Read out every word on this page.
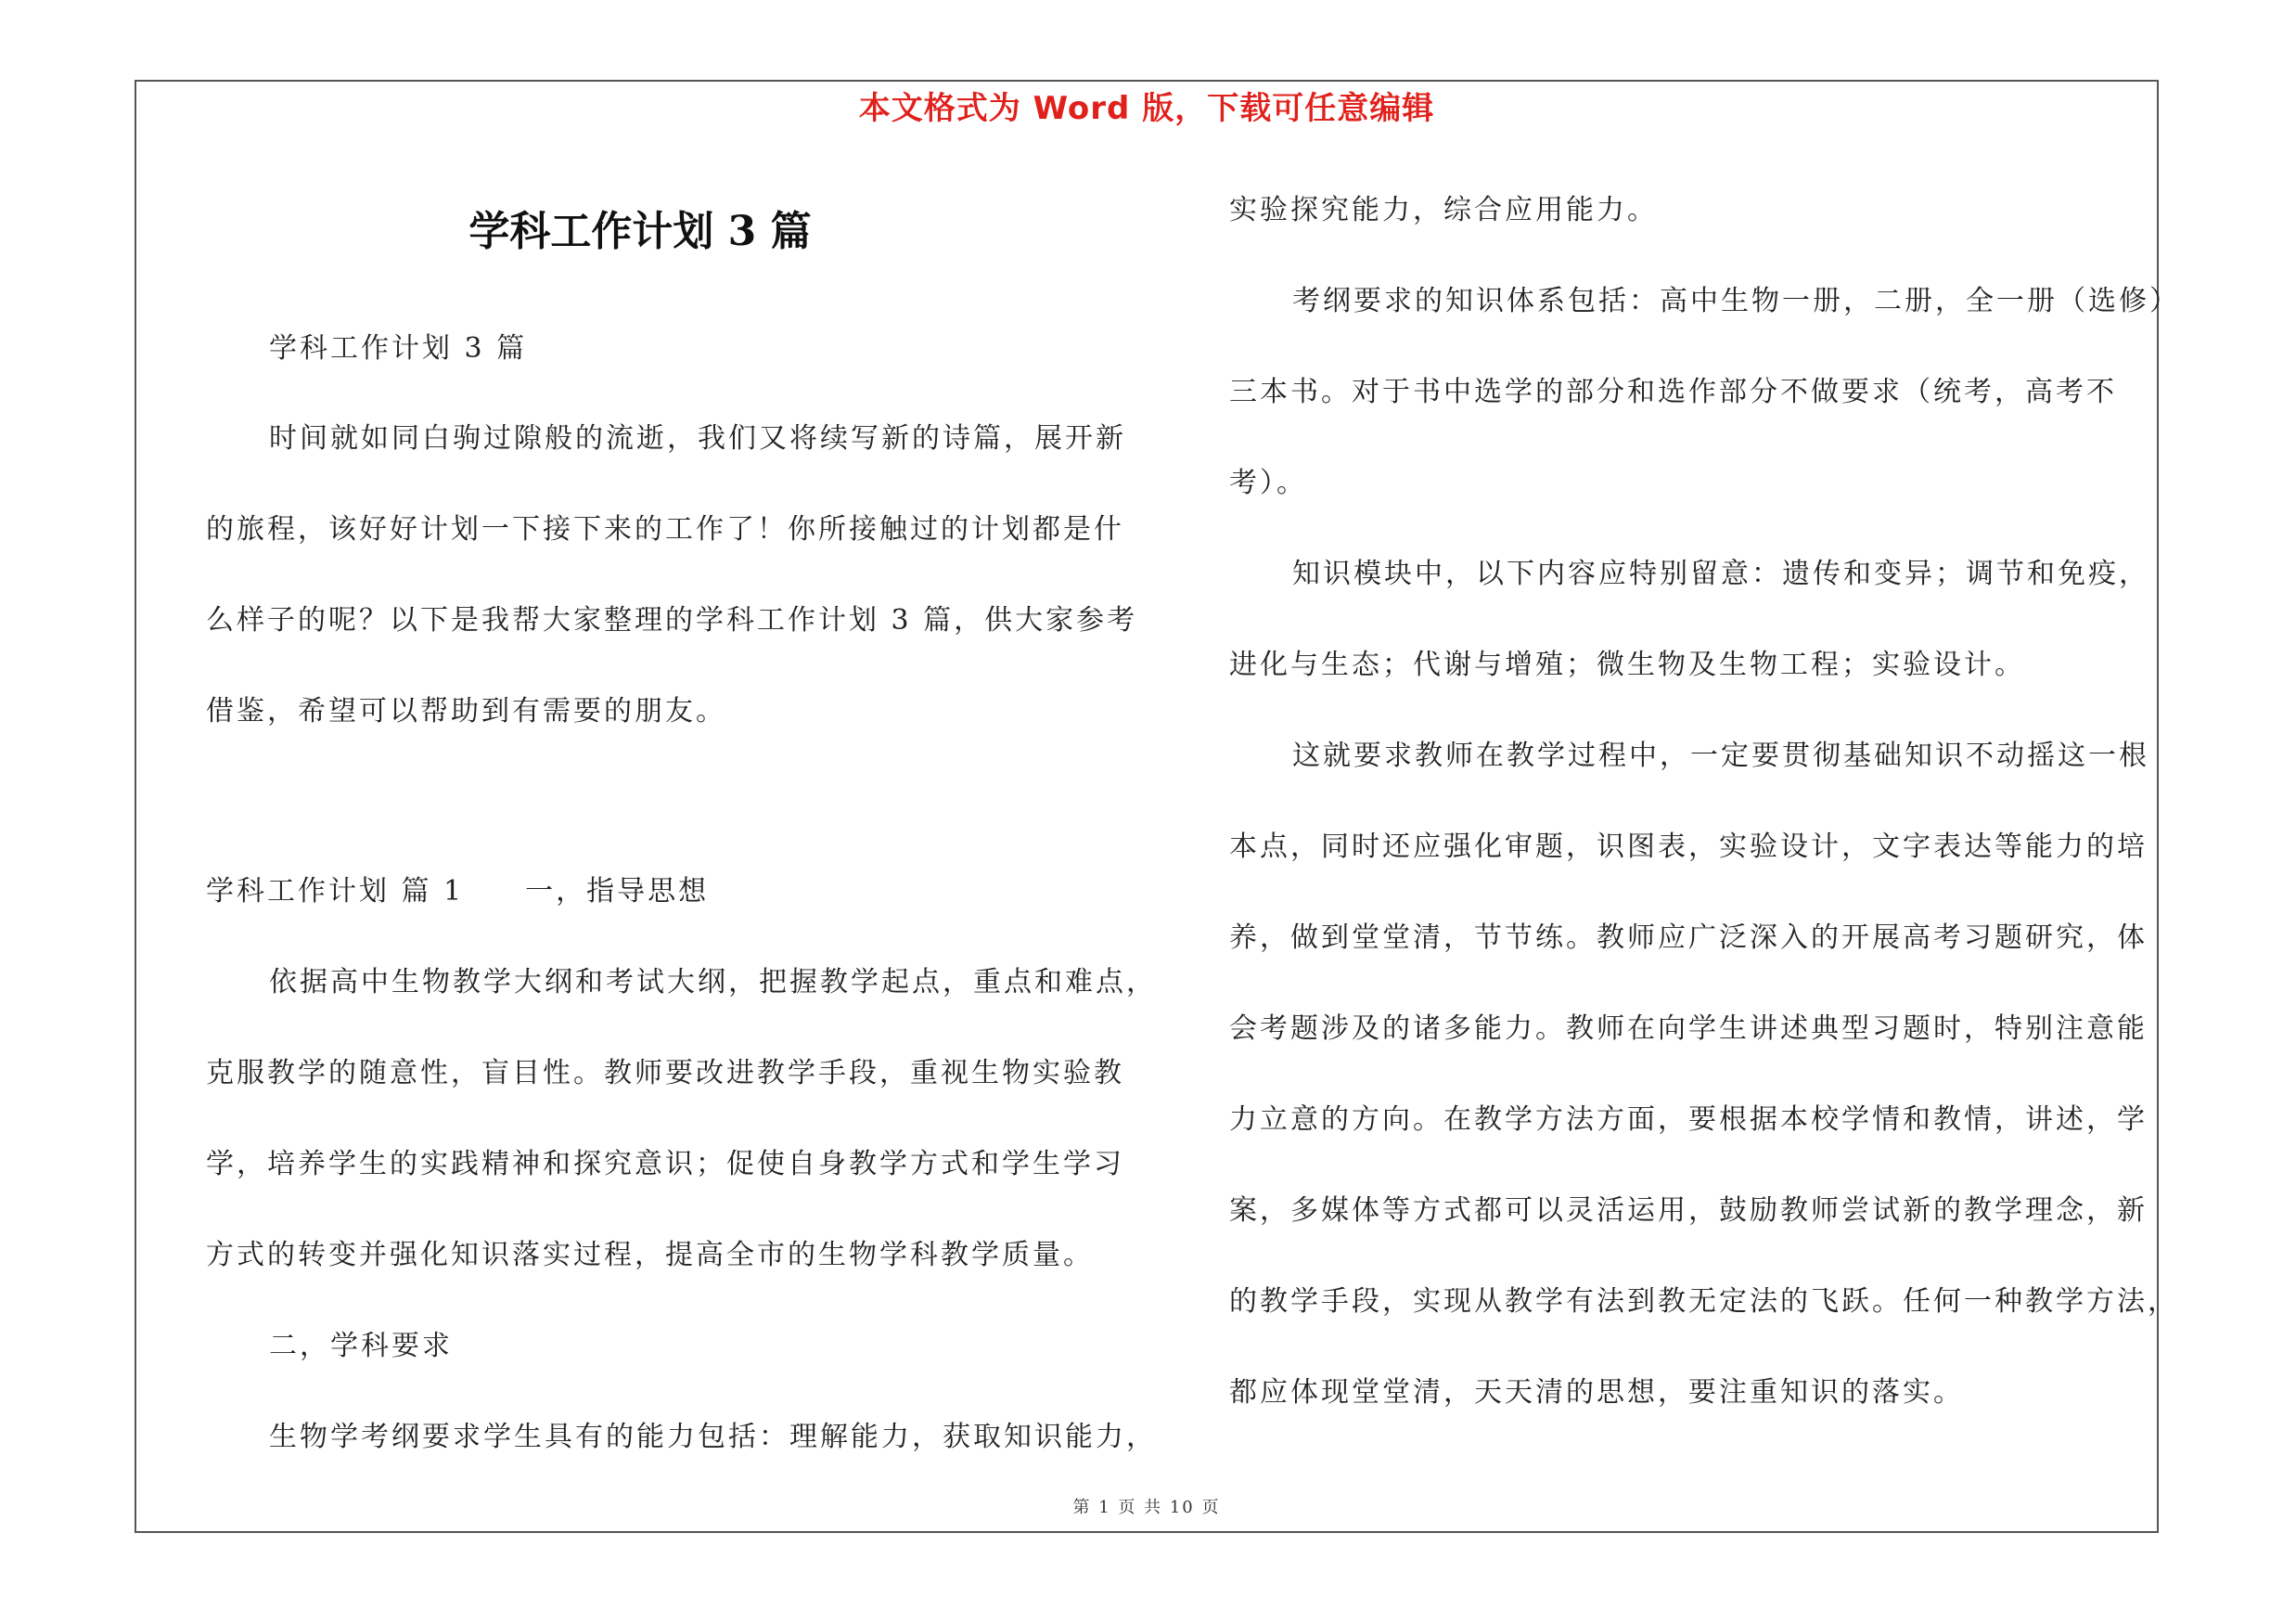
本文格式为 Word 版，下载可任意编辑
学科工作计划 3 篇
学科工作计划 3 篇
时间就如同白驹过隙般的流逝，我们又将续写新的诗篇，展开新
的旅程，该好好计划一下接下来的工作了！你所接触过的计划都是什
么样子的呢？以下是我帮大家整理的学科工作计划 3 篇，供大家参考
借鉴，希望可以帮助到有需要的朋友。
学科工作计划 篇 1　　一，指导思想
依据高中生物教学大纲和考试大纲，把握教学起点，重点和难点，
克服教学的随意性，盲目性。教师要改进教学手段，重视生物实验教
学，培养学生的实践精神和探究意识；促使自身教学方式和学生学习
方式的转变并强化知识落实过程，提高全市的生物学科教学质量。
二，学科要求
生物学考纲要求学生具有的能力包括：理解能力，获取知识能力，
实验探究能力，综合应用能力。
考纲要求的知识体系包括：高中生物一册，二册，全一册（选修）
三本书。对于书中选学的部分和选作部分不做要求（统考，高考不
考）。
知识模块中，以下内容应特别留意：遗传和变异；调节和免疫，
进化与生态；代谢与增殖；微生物及生物工程；实验设计。
这就要求教师在教学过程中，一定要贯彻基础知识不动摇这一根
本点，同时还应强化审题，识图表，实验设计，文字表达等能力的培
养，做到堂堂清，节节练。教师应广泛深入的开展高考习题研究，体
会考题涉及的诸多能力。教师在向学生讲述典型习题时，特别注意能
力立意的方向。在教学方法方面，要根据本校学情和教情，讲述，学
案，多媒体等方式都可以灵活运用，鼓励教师尝试新的教学理念，新
的教学手段，实现从教学有法到教无定法的飞跃。任何一种教学方法，
都应体现堂堂清，天天清的思想，要注重知识的落实。
第 1 页 共 10 页
